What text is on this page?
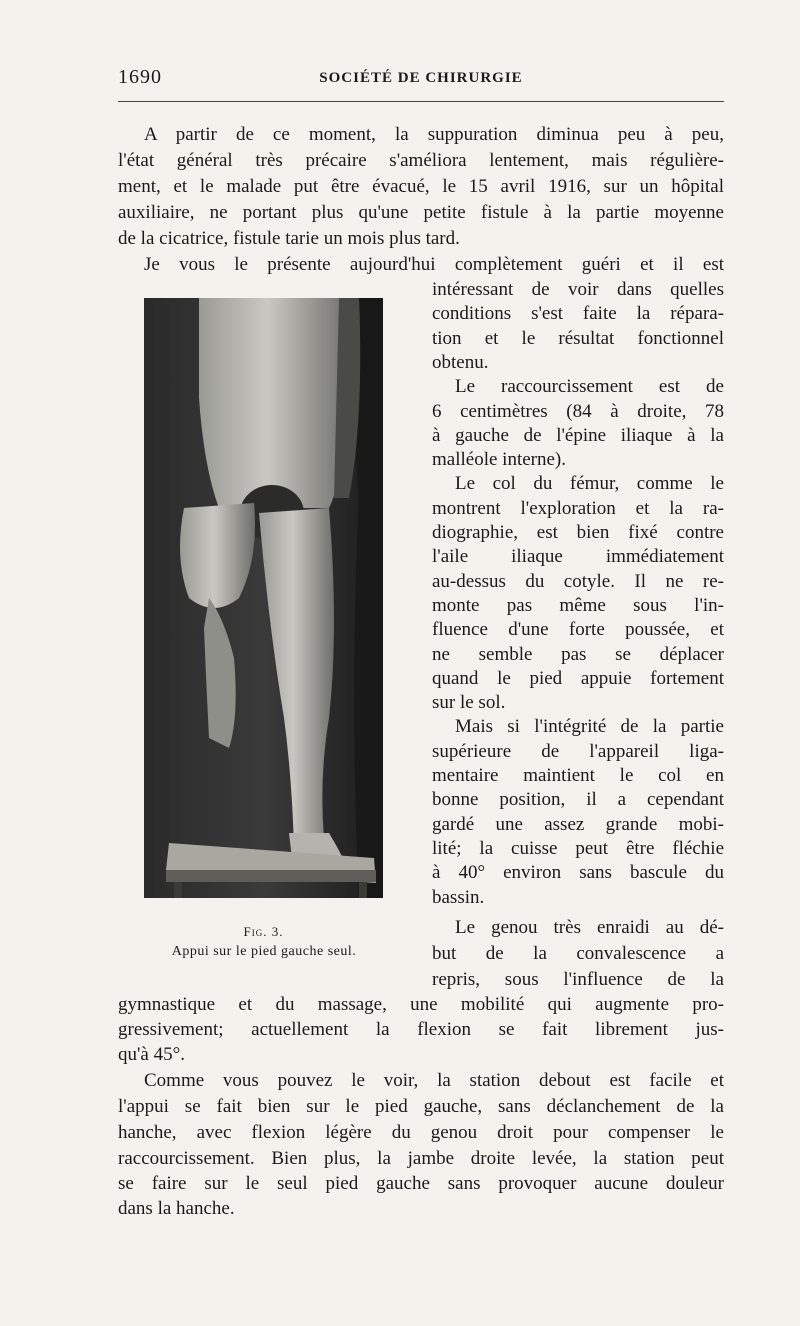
1690	SOCIÉTÉ DE CHIRURGIE
A partir de ce moment, la suppuration diminua peu à peu,
l'état général très précaire s'améliora lentement, mais régulière-
ment, et le malade put être évacué, le 15 avril 1916, sur un hôpital
auxiliaire, ne portant plus qu'une petite fistule à la partie moyenne
de la cicatrice, fistule tarie un mois plus tard.
Je vous le présente aujourd'hui complètement guéri et il est
Fig. 3.
Appui sur le pied gauche seul.
intéressant de voir dans quelles
conditions s'est faite la répara-
tion et le résultat fonctionnel
obtenu.
Le raccourcissement est de
6 centimètres (84 à droite, 78
à gauche de l'épine iliaque à la
malléole interne).
Le col du fémur, comme le
montrent l'exploration et la ra-
diographie, est bien fixé contre
l'aile iliaque immédiatement
au-dessus du cotyle. Il ne re-
monte pas même sous l'in-
fluence d'une forte poussée, et
ne semble pas se déplacer
quand le pied appuie fortement
sur le sol.
Mais si l'intégrité de la partie
supérieure de l'appareil liga-
mentaire maintient le col en
bonne position, il a cependant
gardé une assez grande mobi-
lité; la cuisse peut être fléchie
à 40° environ sans bascule du
bassin.
Le genou très enraidi au dé-
but de la convalescence a
repris, sous l'influence de la
gymnastique et du massage, une mobilité qui augmente pro-
gressivement; actuellement la flexion se fait librement jus-
qu'à 45°.
Comme vous pouvez le voir, la station debout est facile et
l'appui se fait bien sur le pied gauche, sans déclanchement de la
hanche, avec flexion légère du genou droit pour compenser le
raccourcissement. Bien plus, la jambe droite levée, la station peut
se faire sur le seul pied gauche sans provoquer aucune douleur
dans la hanche.
